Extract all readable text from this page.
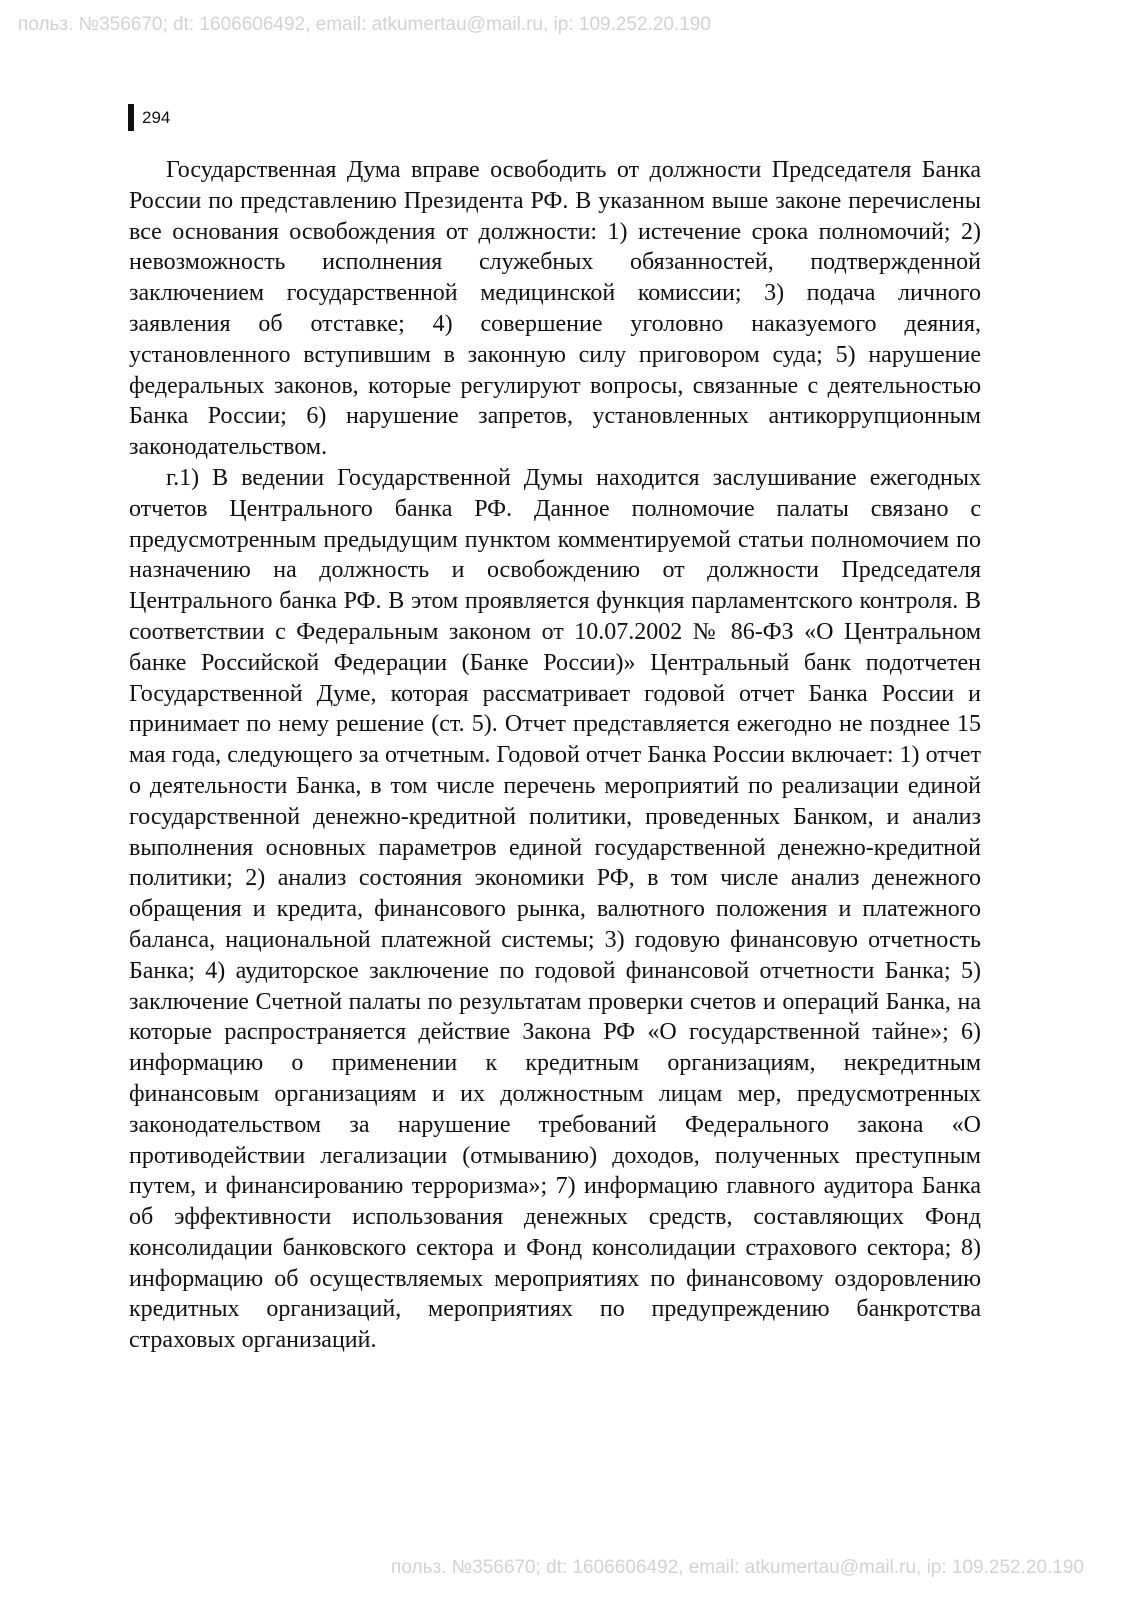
польз. №356670; dt: 1606606492, email: atkumertau@mail.ru, ip: 109.252.20.190
294

Государственная Дума вправе освободить от должности Председателя Банка России по представлению Президента РФ. В указанном выше законе перечислены все основания освобождения от должности: 1) истечение срока полномочий; 2) невозможность исполнения служебных обязанностей, подтвержденной заключением государственной медицинской комиссии; 3) подача личного заявления об отставке; 4) совершение уголовно наказуемого деяния, установленного вступившим в законную силу приговором суда; 5) нарушение федеральных законов, которые регулируют вопросы, связанные с деятельностью Банка России; 6) нарушение запретов, установленных антикоррупционным законодательством.

г.1) В ведении Государственной Думы находится заслушивание ежегодных отчетов Центрального банка РФ. Данное полномочие палаты связано с предусмотренным предыдущим пунктом комментируемой статьи полномочием по назначению на должность и освобождению от должности Председателя Центрального банка РФ. В этом проявляется функция парламентского контроля. В соответствии с Федеральным законом от 10.07.2002 № 86-ФЗ «О Центральном банке Российской Федерации (Банке России)» Центральный банк подотчетен Государственной Думе, которая рассматривает годовой отчет Банка России и принимает по нему решение (ст. 5). Отчет представляется ежегодно не позднее 15 мая года, следующего за отчетным. Годовой отчет Банка России включает: 1) отчет о деятельности Банка, в том числе перечень мероприятий по реализации единой государственной денежно-кредитной политики, проведенных Банком, и анализ выполнения основных параметров единой государственной денежно-кредитной политики; 2) анализ состояния экономики РФ, в том числе анализ денежного обращения и кредита, финансового рынка, валютного положения и платежного баланса, национальной платежной системы; 3) годовую финансовую отчетность Банка; 4) аудиторское заключение по годовой финансовой отчетности Банка; 5) заключение Счетной палаты по результатам проверки счетов и операций Банка, на которые распространяется действие Закона РФ «О государственной тайне»; 6) информацию о применении к кредитным организациям, некредитным финансовым организациям и их должностным лицам мер, предусмотренных законодательством за нарушение требований Федерального закона «О противодействии легализации (отмыванию) доходов, полученных преступным путем, и финансированию терроризма»; 7) информацию главного аудитора Банка об эффективности использования денежных средств, составляющих Фонд консолидации банковского сектора и Фонд консолидации страхового сектора; 8) информацию об осуществляемых мероприятиях по финансовому оздоровлению кредитных организаций, мероприятиях по предупреждению банкротства страховых организаций.

польз. №356670; dt: 1606606492, email: atkumertau@mail.ru, ip: 109.252.20.190
